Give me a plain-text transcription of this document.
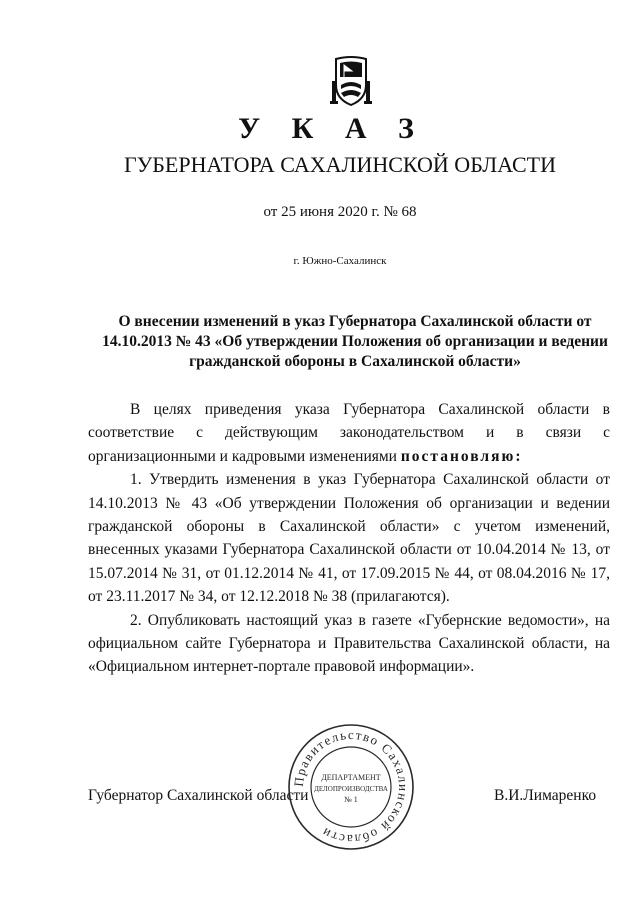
У К А З
ГУБЕРНАТОРА САХАЛИНСКОЙ ОБЛАСТИ
от 25 июня 2020 г. № 68
г. Южно-Сахалинск
О внесении изменений в указ Губернатора Сахалинской области от 14.10.2013 № 43 «Об утверждении Положения об организации и ведении гражданской обороны в Сахалинской области»

В целях приведения указа Губернатора Сахалинской области в соответствие с действующим законодательством и в связи с организационными и кадровыми изменениями постановляю:

1. Утвердить изменения в указ Губернатора Сахалинской области от 14.10.2013 № 43 «Об утверждении Положения об организации и ведении гражданской обороны в Сахалинской области» с учетом изменений, внесенных указами Губернатора Сахалинской области от 10.04.2014 № 13, от 15.07.2014 № 31, от 01.12.2014 № 41, от 17.09.2015 № 44, от 08.04.2016 № 17, от 23.11.2017 № 34, от 12.12.2018 № 38 (прилагаются).

2. Опубликовать настоящий указ в газете «Губернские ведомости», на официальном сайте Губернатора и Правительства Сахалинской области, на «Официальном интернет-портале правовой информации».

Губернатор Сахалинской области	В.И.Лимаренко
Правительство Сахалинской области
ДЕПАРТАМЕНТ
ДЕЛОПРОИЗВОДСТВА
№ 1
